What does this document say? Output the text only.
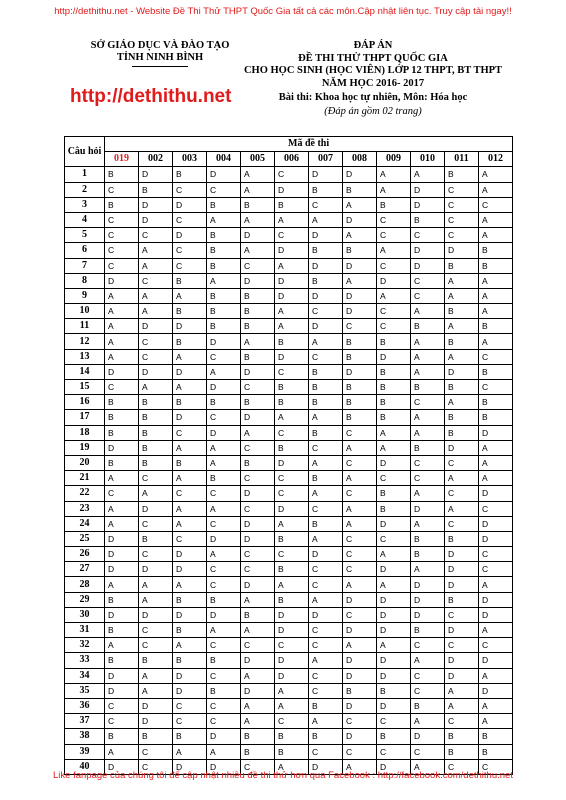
http://dethithu.net - Website Đề Thi Thử THPT Quốc Gia tất cả các môn.Cập nhật liên tục. Truy cập tải ngay!!
SỞ GIÁO DỤC VÀ ĐÀO TẠO
TỈNH NINH BÌNH
http://dethithu.net
ĐÁP ÁN
ĐỀ THI THỬ THPT QUỐC GIA
CHO HỌC SINH (HỌC VIÊN) LỚP 12 THPT, BT THPT
NĂM HỌC 2016- 2017
Bài thi: Khoa học tự nhiên, Môn: Hóa học
(Đáp án gồm 02 trang)
Câu hỏi	Mã đề thi											
	019	002	003	004	005	006	007	008	009	010	011	012
1	B	D	B	D	A	C	D	D	A	A	B	A
2	C	B	C	C	A	D	B	B	A	D	C	A
3	B	D	D	B	B	B	C	A	B	D	C	C
4	C	D	C	A	A	A	A	D	C	B	C	A
5	C	C	D	B	D	C	D	A	C	C	C	A
6	C	A	C	B	A	D	B	B	A	D	D	B
7	C	A	C	B	C	A	D	D	C	D	B	B
8	D	C	B	A	D	D	B	A	D	C	A	A
9	A	A	A	B	B	D	D	D	A	C	A	A
10	A	A	B	B	B	A	C	D	C	A	B	A
11	A	D	D	B	B	A	D	C	C	B	A	B
12	A	C	B	D	A	B	A	B	B	A	B	A
13	A	C	A	C	B	D	C	B	D	A	A	C
14	D	D	D	A	D	C	B	D	B	A	D	B
15	C	A	A	D	C	B	B	B	B	B	B	C
16	B	B	B	B	B	B	B	B	B	C	A	B
17	B	B	D	C	D	A	A	B	B	A	B	B
18	B	B	C	D	A	C	B	C	A	A	B	D
19	D	B	A	A	C	B	C	A	A	B	D	A
20	B	B	B	A	B	D	A	C	D	C	C	A
21	A	C	A	B	C	C	B	A	C	C	A	A
22	C	A	C	C	D	C	A	C	B	A	C	D
23	A	D	A	A	C	D	C	A	B	D	A	C
24	A	C	A	C	D	A	B	A	D	A	C	D
25	D	B	C	D	D	B	A	C	C	B	B	D
26	D	C	D	A	C	C	D	C	A	B	D	C
27	D	D	D	C	C	B	C	C	D	A	D	C
28	A	A	A	C	D	A	C	A	A	D	D	A
29	B	A	B	B	A	B	A	D	D	D	B	D
30	D	D	D	D	B	D	D	C	D	D	C	D
31	B	C	B	A	A	D	C	D	D	B	D	A
32	A	C	A	C	C	C	C	A	A	C	C	C
33	B	B	B	B	D	D	A	D	D	A	D	D
34	D	A	D	C	A	D	C	D	D	C	D	A
35	D	A	D	B	D	A	C	B	B	C	A	D
36	C	D	C	C	A	A	B	D	D	B	A	A
37	C	D	C	C	A	C	A	C	C	A	C	A
38	B	B	B	D	B	B	B	D	B	D	B	B
39	A	C	A	A	B	B	C	C	C	C	B	B
40	D	C	D	D	C	A	D	A	D	A	C	C
Like fanpage của chúng tôi để cập nhật nhiều đề thi thử hơn qua Facebook : http://facebook.com/dethithu.net
